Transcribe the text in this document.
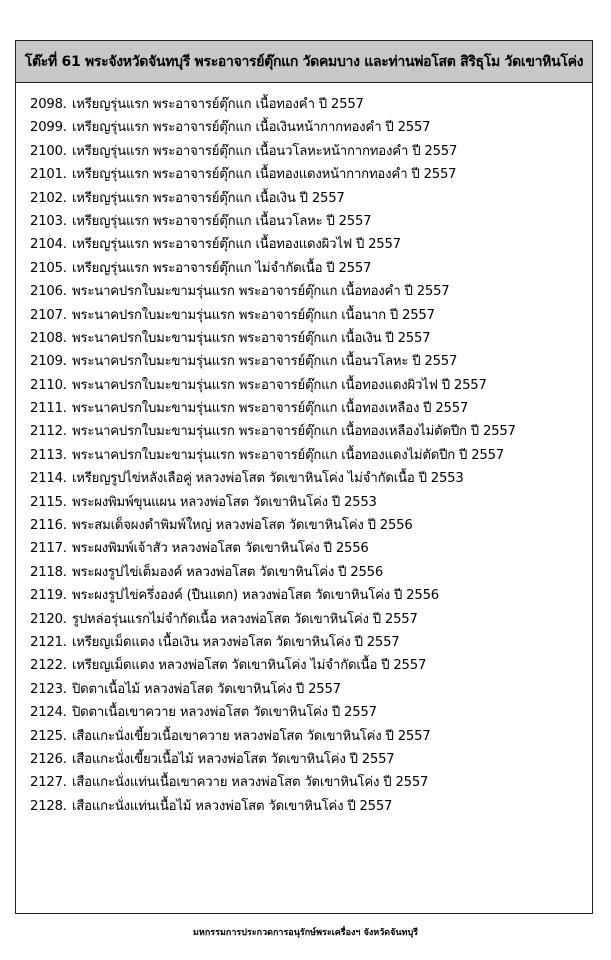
โต๊ะที่ 61 พระจังหวัดจันทบุรี พระอาจารย์ตุ๊กแก วัดคมบาง และท่านพ่อโสต สิริธุโม วัดเขาหินโค่ง
2098. เหรียญรุ่นแรก พระอาจารย์ตุ๊กแก เนื้อทองคำ ปี 2557
2099. เหรียญรุ่นแรก พระอาจารย์ตุ๊กแก เนื้อเงินหน้ากากทองคำ ปี 2557
2100. เหรียญรุ่นแรก พระอาจารย์ตุ๊กแก เนื้อนวโลหะหน้ากากทองคำ ปี 2557
2101. เหรียญรุ่นแรก พระอาจารย์ตุ๊กแก เนื้อทองแดงหน้ากากทองคำ ปี 2557
2102. เหรียญรุ่นแรก พระอาจารย์ตุ๊กแก เนื้อเงิน ปี 2557
2103. เหรียญรุ่นแรก พระอาจารย์ตุ๊กแก เนื้อนวโลหะ ปี 2557
2104. เหรียญรุ่นแรก พระอาจารย์ตุ๊กแก เนื้อทองแดงผิวไฟ ปี 2557
2105. เหรียญรุ่นแรก พระอาจารย์ตุ๊กแก ไม่จำกัดเนื้อ ปี 2557
2106. พระนาคปรกใบมะขามรุ่นแรก พระอาจารย์ตุ๊กแก เนื้อทองคำ ปี 2557
2107. พระนาคปรกใบมะขามรุ่นแรก พระอาจารย์ตุ๊กแก เนื้อนาก ปี 2557
2108. พระนาคปรกใบมะขามรุ่นแรก พระอาจารย์ตุ๊กแก เนื้อเงิน ปี 2557
2109. พระนาคปรกใบมะขามรุ่นแรก พระอาจารย์ตุ๊กแก เนื้อนวโลหะ ปี 2557
2110. พระนาคปรกใบมะขามรุ่นแรก พระอาจารย์ตุ๊กแก เนื้อทองแดงผิวไฟ ปี 2557
2111. พระนาคปรกใบมะขามรุ่นแรก พระอาจารย์ตุ๊กแก เนื้อทองเหลือง ปี 2557
2112. พระนาคปรกใบมะขามรุ่นแรก พระอาจารย์ตุ๊กแก เนื้อทองเหลืองไม่ตัดปีก ปี 2557
2113. พระนาคปรกใบมะขามรุ่นแรก พระอาจารย์ตุ๊กแก เนื้อทองแดงไม่ตัดปีก ปี 2557
2114. เหรียญรูปไข่หลังเลือคู่ หลวงพ่อโสต วัดเขาหินโค่ง ไม่จำกัดเนื้อ ปี 2553
2115. พระผงพิมพ์ขุนแผน หลวงพ่อโสต วัดเขาหินโค่ง ปี 2553
2116. พระสมเด็จผงดำพิมพ์ใหญ่ หลวงพ่อโสต วัดเขาหินโค่ง ปี 2556
2117. พระผงพิมพ์เจ้าสัว หลวงพ่อโสต วัดเขาหินโค่ง ปี 2556
2118. พระผงรูปไข่เต็มองค์ หลวงพ่อโสต วัดเขาหินโค่ง ปี 2556
2119. พระผงรูปไข่ครึ่งองค์ (ปืนแตก) หลวงพ่อโสต วัดเขาหินโค่ง ปี 2556
2120. รูปหล่อรุ่นแรกไม่จำกัดเนื้อ หลวงพ่อโสต วัดเขาหินโค่ง ปี 2557
2121. เหรียญเม็ดแตง เนื้อเงิน หลวงพ่อโสต วัดเขาหินโค่ง ปี 2557
2122. เหรียญเม็ดแตง หลวงพ่อโสต วัดเขาหินโค่ง ไม่จำกัดเนื้อ ปี 2557
2123. ปิดตาเนื้อไม้ หลวงพ่อโสต วัดเขาหินโค่ง ปี 2557
2124. ปิดตาเนื้อเขาควาย หลวงพ่อโสต วัดเขาหินโค่ง ปี 2557
2125. เสือแกะนั่งเขี้ยวเนื้อเขาควาย หลวงพ่อโสต วัดเขาหินโค่ง ปี 2557
2126. เสือแกะนั่งเขี้ยวเนื้อไม้ หลวงพ่อโสต วัดเขาหินโค่ง ปี 2557
2127. เสือแกะนั่งแท่นเนื้อเขาควาย หลวงพ่อโสต วัดเขาหินโค่ง ปี 2557
2128. เสือแกะนั่งแท่นเนื้อไม้ หลวงพ่อโสต วัดเขาหินโค่ง ปี 2557
มหกรรมการประกวดการอนุรักษ์พระเครื่องฯ จังหวัดจันทบุรี
